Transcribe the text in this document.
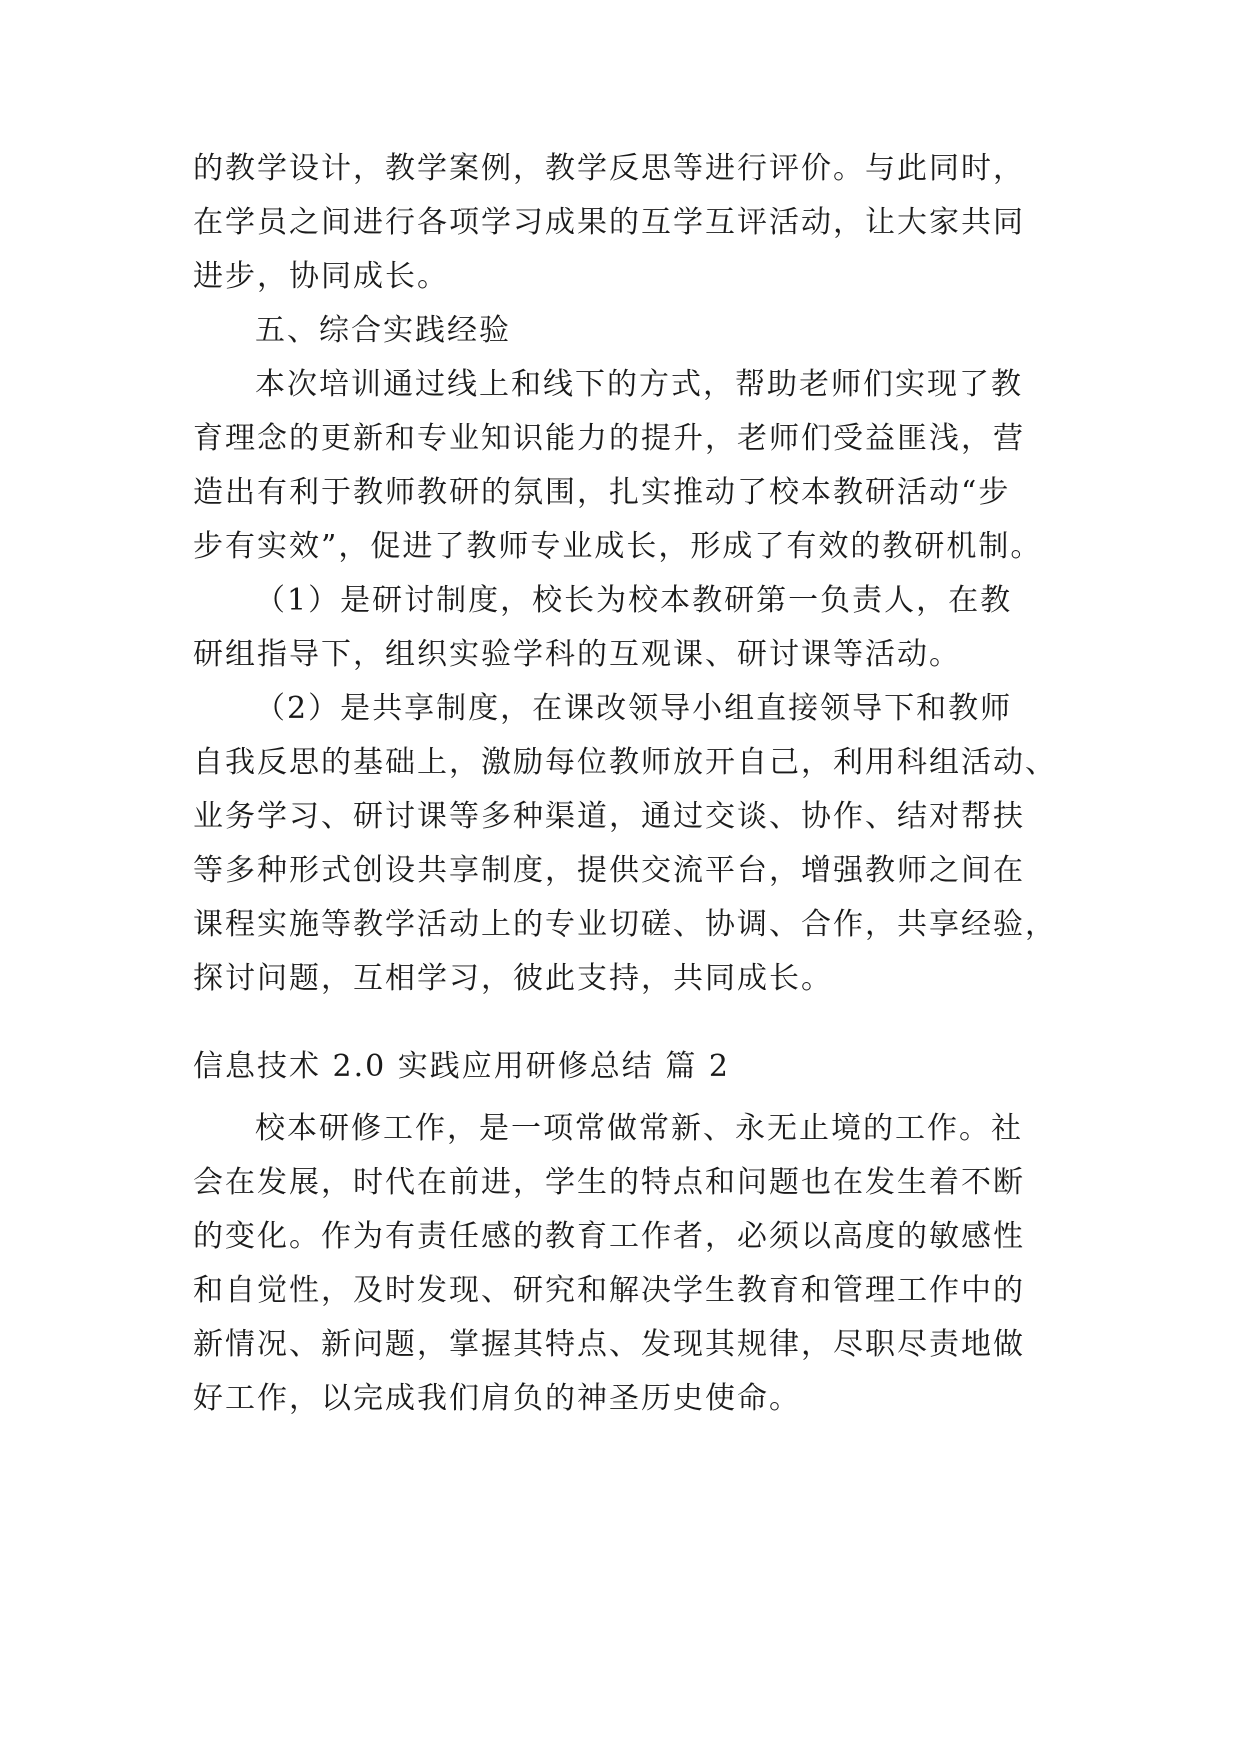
的教学设计，教学案例，教学反思等进行评价。与此同时，
在学员之间进行各项学习成果的互学互评活动，让大家共同
进步，协同成长。
五、综合实践经验
本次培训通过线上和线下的方式，帮助老师们实现了教
育理念的更新和专业知识能力的提升，老师们受益匪浅，营
造出有利于教师教研的氛围，扎实推动了校本教研活动“步
步有实效”，促进了教师专业成长，形成了有效的教研机制。
（1）是研讨制度，校长为校本教研第一负责人，在教
研组指导下，组织实验学科的互观课、研讨课等活动。
（2）是共享制度，在课改领导小组直接领导下和教师
自我反思的基础上，激励每位教师放开自己，利用科组活动、
业务学习、研讨课等多种渠道，通过交谈、协作、结对帮扶
等多种形式创设共享制度，提供交流平台，增强教师之间在
课程实施等教学活动上的专业切磋、协调、合作，共享经验，
探讨问题，互相学习，彼此支持，共同成长。
信息技术 2.0 实践应用研修总结 篇 2
校本研修工作，是一项常做常新、永无止境的工作。社
会在发展，时代在前进，学生的特点和问题也在发生着不断
的变化。作为有责任感的教育工作者，必须以高度的敏感性
和自觉性，及时发现、研究和解决学生教育和管理工作中的
新情况、新问题，掌握其特点、发现其规律，尽职尽责地做
好工作，以完成我们肩负的神圣历史使命。
